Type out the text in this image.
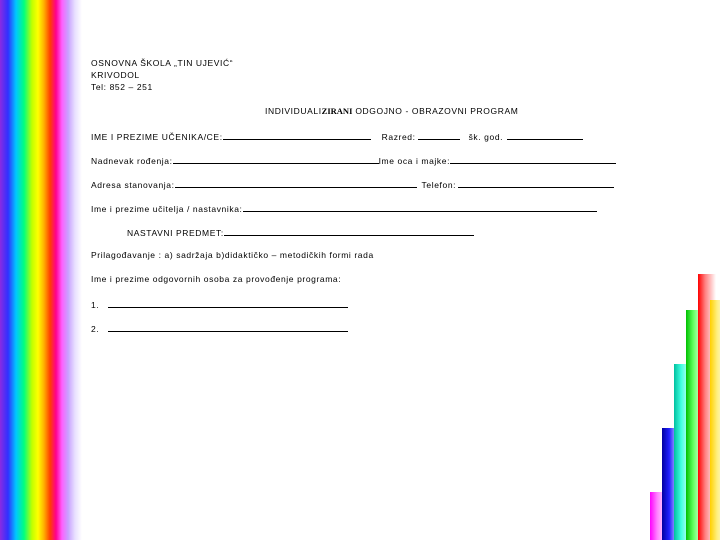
OSNOVNA ŠKOLA „TIN UJEVIĆ“
KRIVODOL
Tel: 852 – 251
INDIVIDUALIZIRANI ODGOJNO - OBRAZOVNI PROGRAM
IME I PREZIME UČENIKA/CE:	Razred:	šk. god.
Nadnevak rođenja:	Ime oca i majke:
Adresa stanovanja:	Telefon:
Ime i prezime učitelja / nastavnika:
NASTAVNI PREDMET:
Prilagođavanje : a) sadržaja b)didaktičko – metodičkih formi rada
Ime i prezime odgovornih osoba za provođenje programa:
1.
2.
